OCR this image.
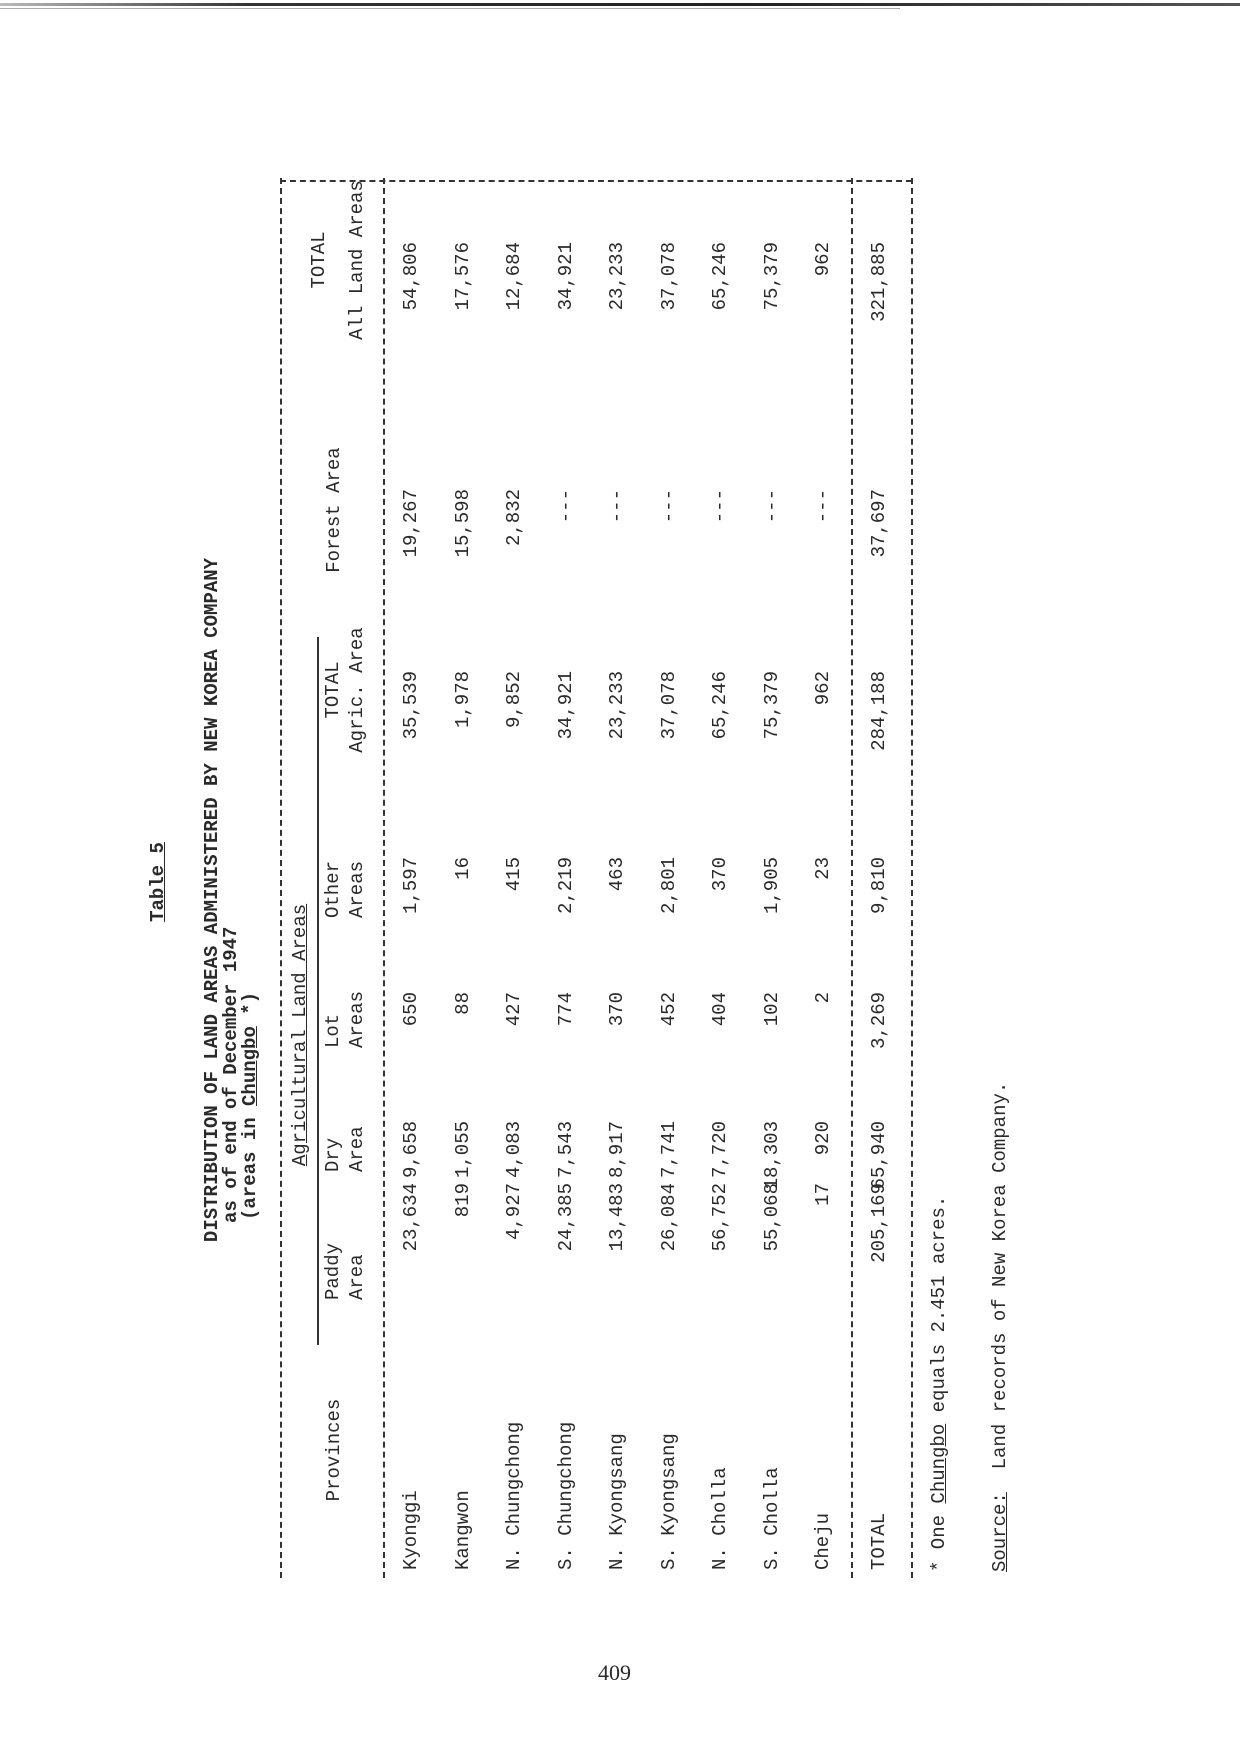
Table 5 DISTRIBUTION OF LAND AREAS ADMINISTERED BY NEW KOREA COMPANY
as of end of December 1947
(areas in Chungbo *)
Provinces
Agricultural Land Areas
Paddy Area
Dry Area
Lot Areas
Other Areas
TOTAL Agric. Area
Forest Area
TOTAL All Land Areas
Kyonggi
23,634
9,658
650
1,597
35,539
19,267
54,806
Kangwon
819
1,055
88
16
1,978
15,598
17,576
N. Chungchong
4,927
4,083
427
415
9,852
2,832
12,684
S. Chungchong
24,385
7,543
774
2,219
34,921
---
34,921
N. Kyongsang
13,483
8,917
370
463
23,233
---
23,233
S. Kyongsang
26,084
7,741
452
2,801
37,078
---
37,078
N. Cholla
56,752
7,720
404
370
65,246
---
65,246
S. Cholla
55,068
18,303
102
1,905
75,379
---
75,379
Cheju
17
920
2
23
962
---
962
TOTAL
205,169
65,940
3,269
9,810
284,188
37,697
321,885
* One Chungbo equals 2.451 acres.
Source:  Land records of New Korea Company.
409
